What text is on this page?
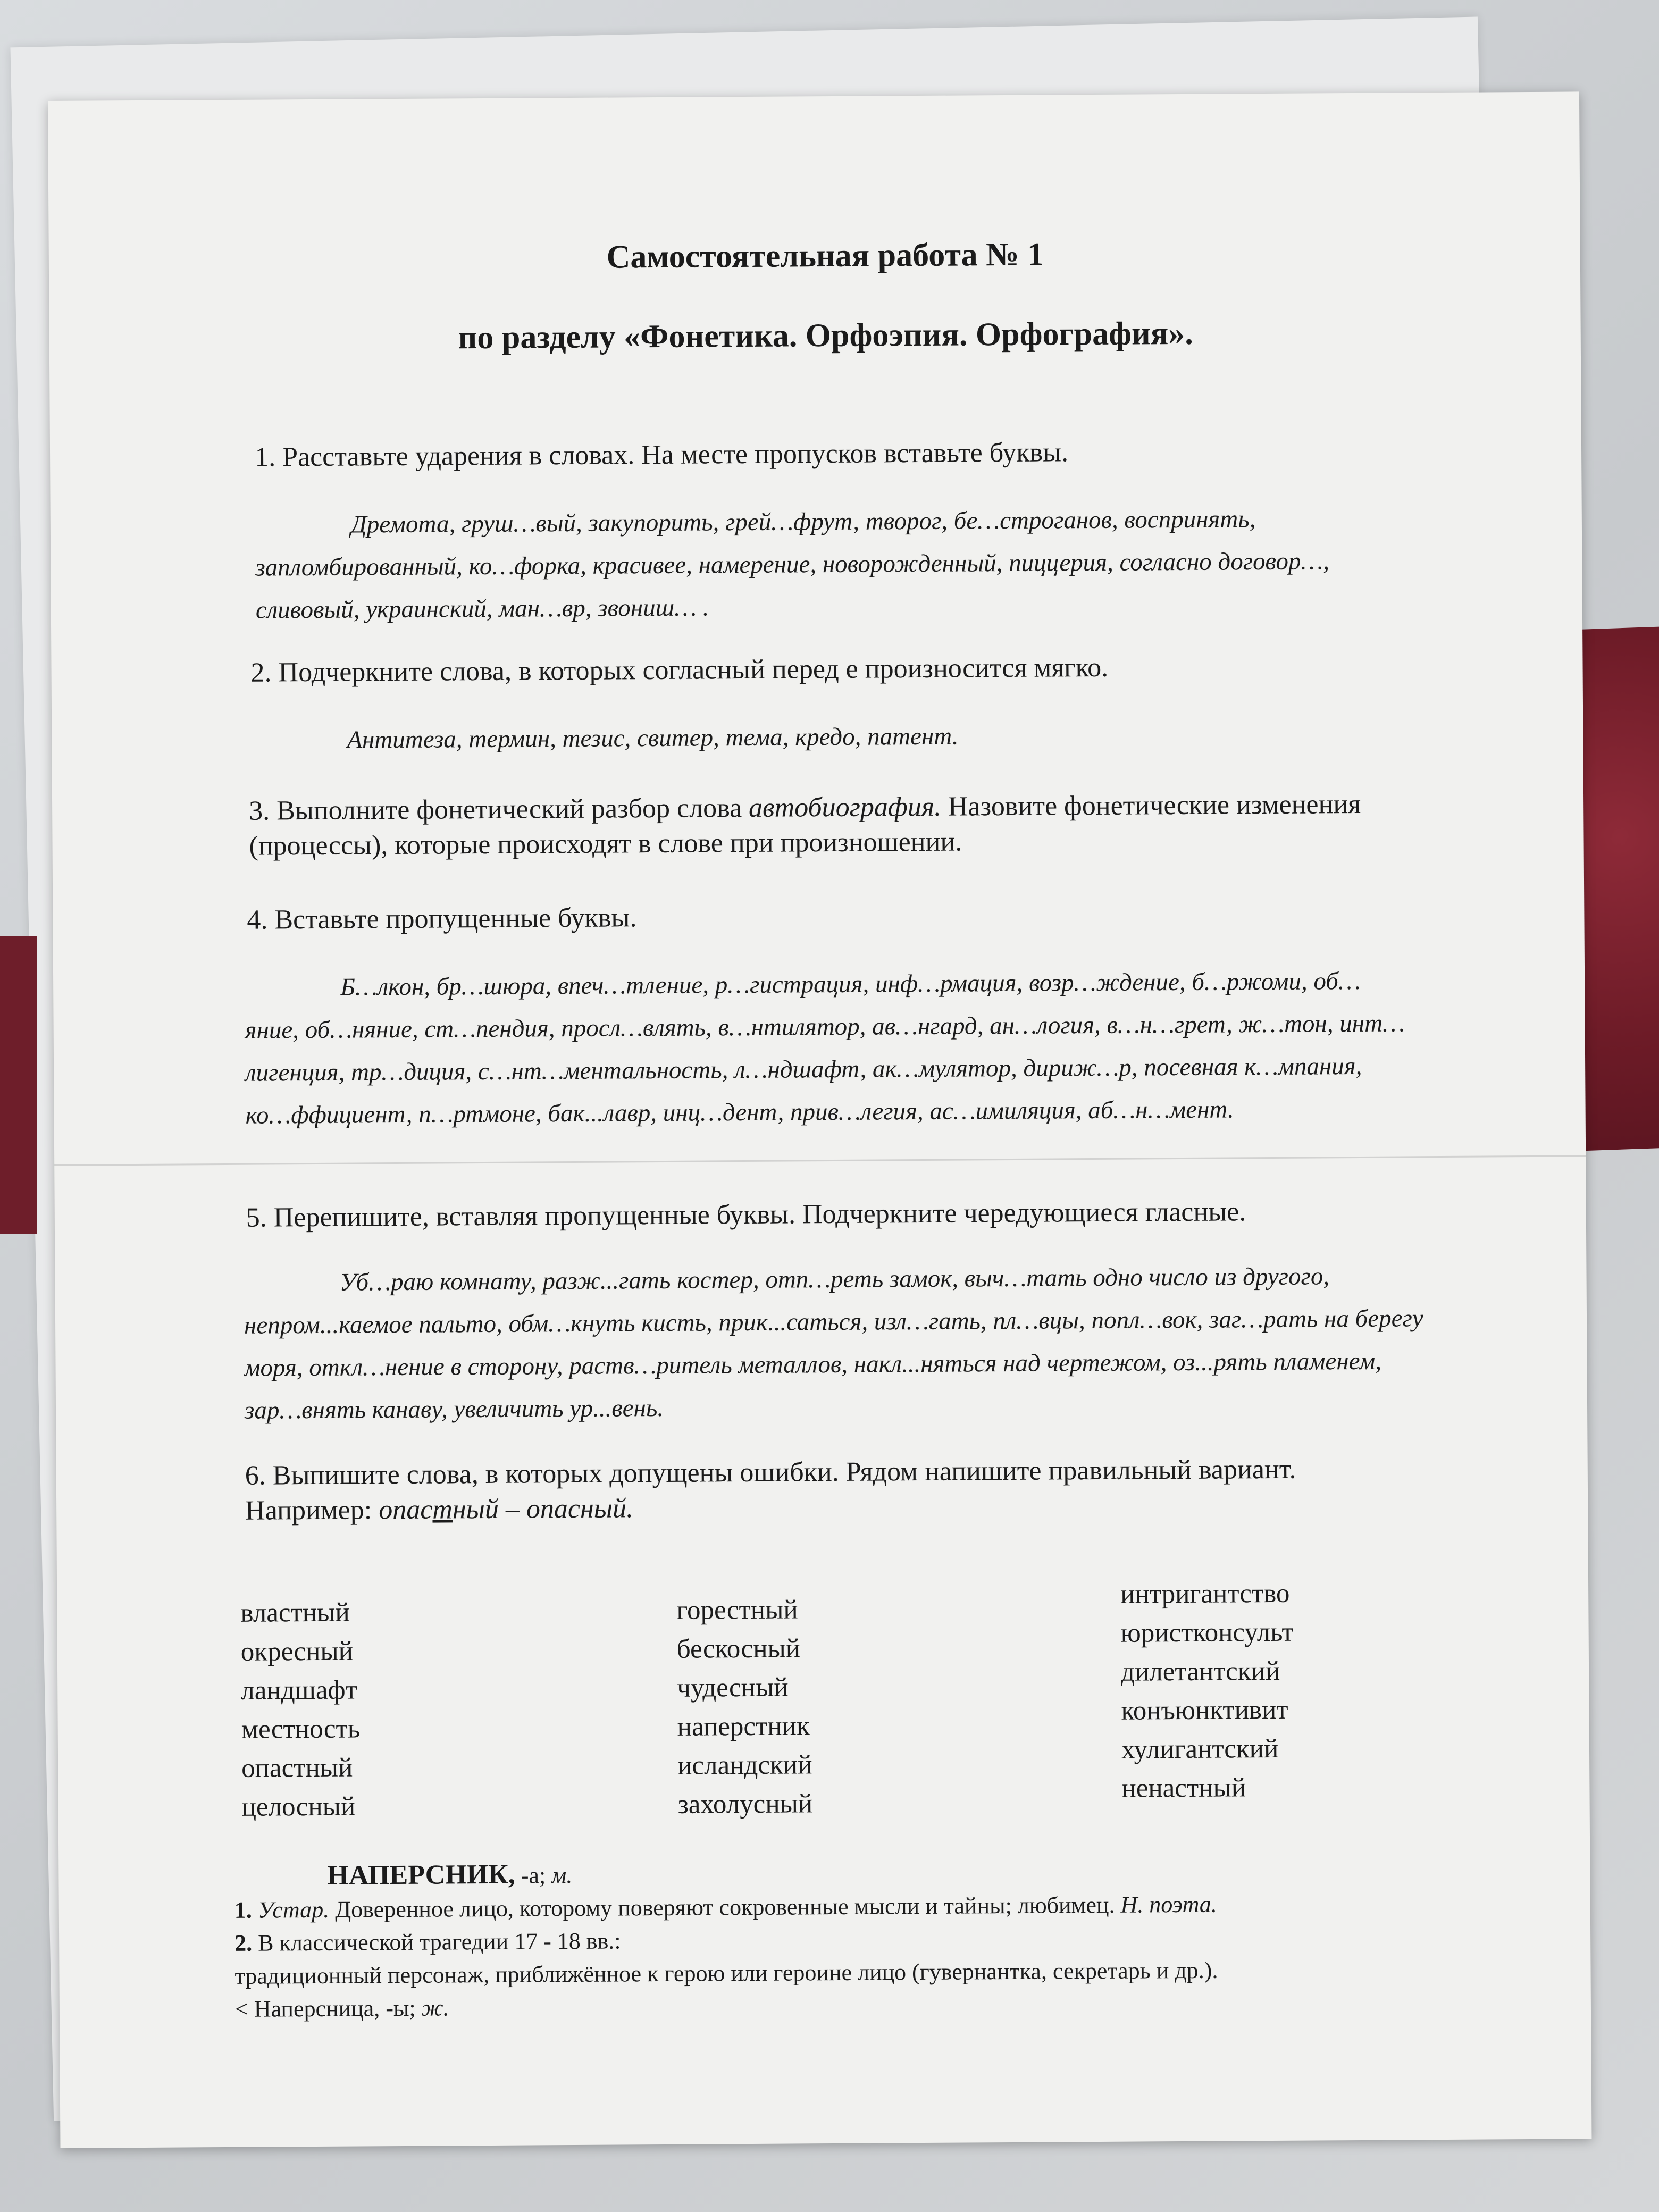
Самостоятельная работа № 1

по разделу «Фонетика. Орфоэпия. Орфография».

1. Расставьте ударения в словах. На месте пропусков вставьте буквы.

Дремота, груш…вый, закупорить, грей…фрут, творог, бе…строганов, воспринять, запломбированный, ко…форка, красивее, намерение, новорожденный, пиццерия, согласно договор…, сливовый, украинский, ман…вр, звониш… .

2. Подчеркните слова, в которых согласный перед е произносится мягко.

Антитеза, термин, тезис, свитер, тема, кредо, патент.

3. Выполните фонетический разбор слова автобиография. Назовите фонетические изменения (процессы), которые происходят в слове при произношении.

4. Вставьте пропущенные буквы.

Б…лкон, бр…шюра, впеч…тление, р…гистрация, инф…рмация, возр…ждение, б…ржоми, об…яние, об…няние, ст…пендия, просл…влять, в…нтилятор, ав…нгард, ан…логия, в…н…грет, ж…тон, инт…лигенция, тр…диция, с…нт…ментальность, л…ндшафт, ак…мулятор, дириж…р, посевная к…мпания, ко…ффициент, п…ртмоне, бак...лавр, инц…дент, прив…легия, ас…имиляция, аб…н…мент.

5. Перепишите, вставляя пропущенные буквы. Подчеркните чередующиеся гласные.

Уб…раю комнату, разж...гать костер, отп…реть замок, выч…тать одно число из другого, непром...каемое пальто, обм…кнуть кисть, прик...саться, изл…гать, пл…вцы, попл…вок, заг…рать на берегу моря, откл…нение в сторону, раств…ритель металлов, накл...няться над чертежом, оз...рять пламенем, зар…внять канаву, увеличить ур...вень.

6. Выпишите слова, в которых допущены ошибки. Рядом напишите правильный вариант.
Например: опастный – опасный.

властный
окресный
ландшафт
местность
опастный
целосный
горестный
бескосный
чудесный
наперстник
исландский
захолусный
интригантство
юристконсульт
дилетантский
конъюнктивит
хулигантский
ненастный

НАПЕРСНИК, -а; м.

1. Устар. Доверенное лицо, которому поверяют сокровенные мысли и тайны; любимец. Н. поэта.

2. В классической трагедии 17 - 18 вв.:

традиционный персонаж, приближённое к герою или героине лицо (гувернантка, секретарь и др.).

< Наперсница, -ы; ж.
